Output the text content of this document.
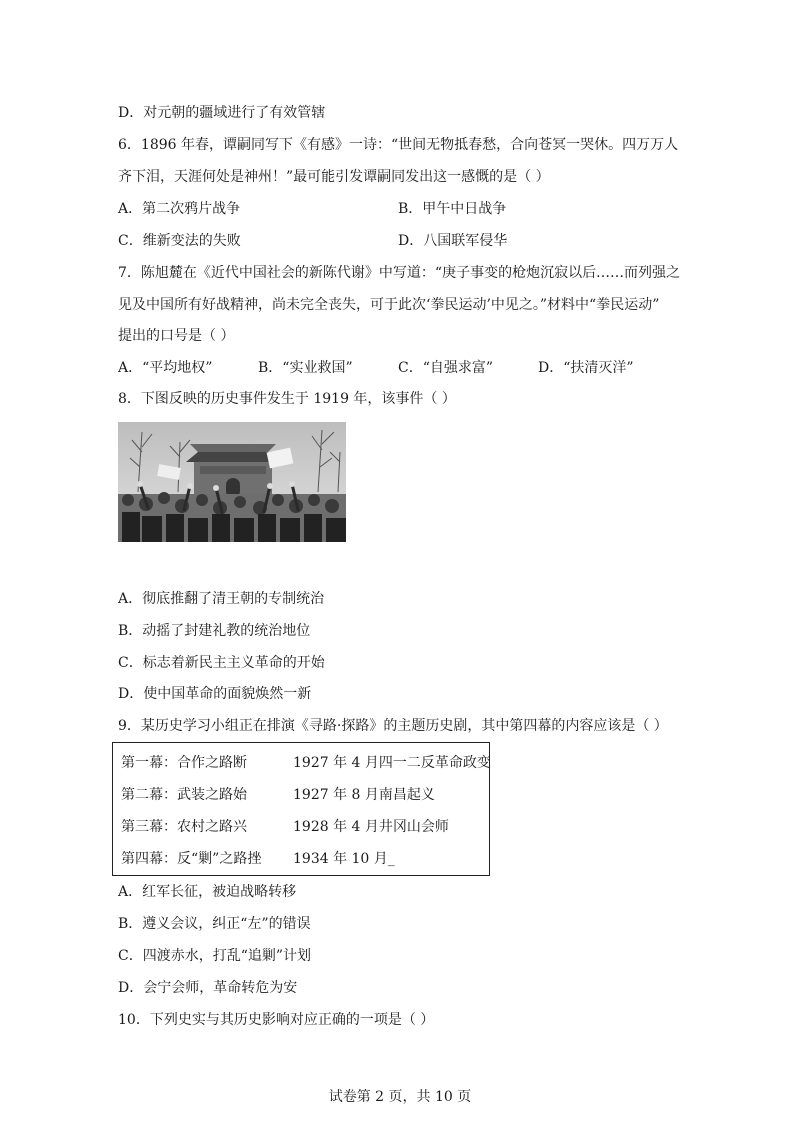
D．对元朝的疆域进行了有效管辖
6．1896 年春，谭嗣同写下《有感》一诗：“世间无物抵春愁，合向苍冥一哭休。四万万人
齐下泪，天涯何处是神州！”最可能引发谭嗣同发出这一感慨的是（ ）
A．第二次鸦片战争	B．甲午中日战争
C．维新变法的失败	D．八国联军侵华
7．陈旭麓在《近代中国社会的新陈代谢》中写道：“庚子事变的枪炮沉寂以后……而列强之
见及中国所有好战精神，尚未完全丧失，可于此次‘拳民运动’中见之。”材料中“拳民运动”
提出的口号是（ ）
A．“平均地权”	B．“实业救国”	C．“自强求富”	D．“扶清灭洋”
8．下图反映的历史事件发生于 1919 年，该事件（ ）
A．彻底推翻了清王朝的专制统治
B．动摇了封建礼教的统治地位
C．标志着新民主主义革命的开始
D．使中国革命的面貌焕然一新
9．某历史学习小组正在排演《寻路·探路》的主题历史剧，其中第四幕的内容应该是（ ）
第一幕：合作之路断	1927 年 4 月四一二反革命政变
第二幕：武装之路始	1927 年 8 月南昌起义
第三幕：农村之路兴	1928 年 4 月井冈山会师
第四幕：反“剿”之路挫 1934 年 10 月_
A．红军长征，被迫战略转移
B．遵义会议，纠正“左”的错误
C．四渡赤水，打乱“追剿”计划
D．会宁会师，革命转危为安
10．下列史实与其历史影响对应正确的一项是（ ）
试卷第 2 页，共 10 页
